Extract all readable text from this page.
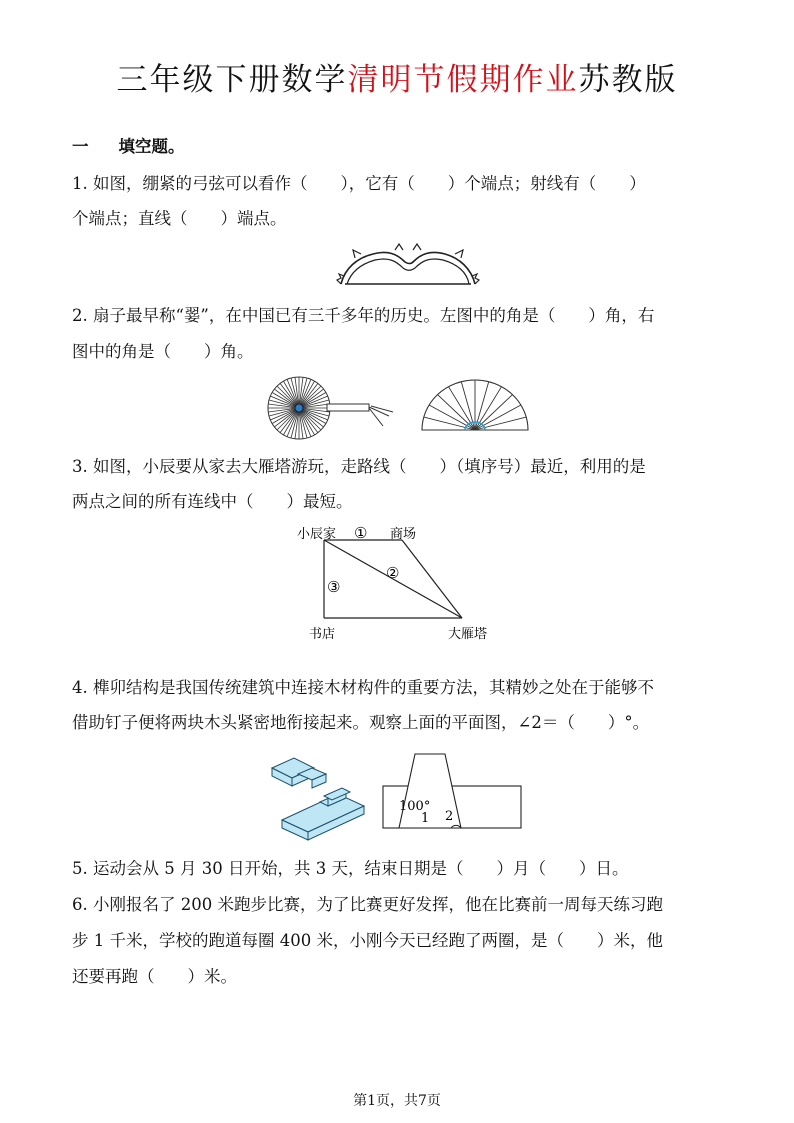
三年级下册数学清明节假期作业苏教版
一 填空题。
1. 如图，绷紧的弓弦可以看作（　　），它有（　　）个端点；射线有（　　）
个端点；直线（　　）端点。
2. 扇子最早称“翣”，在中国已有三千多年的历史。左图中的角是（　　）角，右
图中的角是（　　）角。
3. 如图，小辰要从家去大雁塔游玩，走路线（　　）（填序号）最近，利用的是
两点之间的所有连线中（　　）最短。
小辰家 ① 商场
②
③
书店	大雁塔
4. 榫卯结构是我国传统建筑中连接木材构件的重要方法，其精妙之处在于能够不
借助钉子便将两块木头紧密地衔接起来。观察上面的平面图，∠2＝（　　）°。
100°
1 2
5. 运动会从 5 月 30 日开始，共 3 天，结束日期是（　　）月（　　）日。
6. 小刚报名了 200 米跑步比赛，为了比赛更好发挥，他在比赛前一周每天练习跑
步 1 千米，学校的跑道每圈 400 米，小刚今天已经跑了两圈，是（　　）米，他
还要再跑（　　）米。
第1页，共7页
